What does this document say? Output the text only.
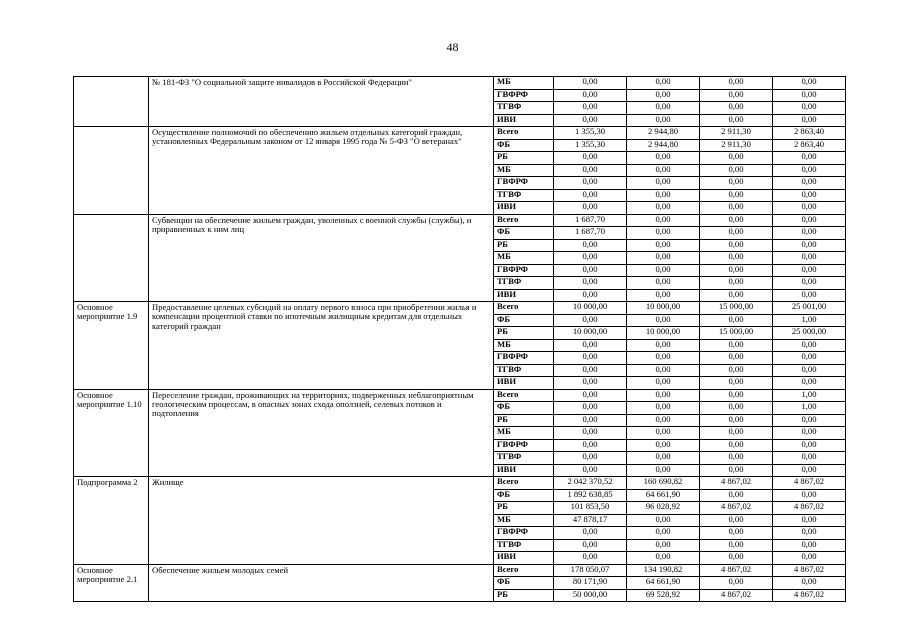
48
	№ 181-ФЗ "О социальной защите инвалидов в Российской Федерации"	МБ	0,00	0,00	0,00	0,00
		ГВФРФ	0,00	0,00	0,00	0,00
		ТГВФ	0,00	0,00	0,00	0,00
		ИВИ	0,00	0,00	0,00	0,00
	Осуществление полномочий по обеспечению жильем отдельных категорий граждан, установленных Федеральным законом от 12 января 1995 года № 5-ФЗ "О ветеранах"	Всего	1 355,30	2 944,80	2 911,30	2 863,40
		ФБ	1 355,30	2 944,80	2 911,30	2 863,40
		РБ	0,00	0,00	0,00	0,00
		МБ	0,00	0,00	0,00	0,00
		ГВФРФ	0,00	0,00	0,00	0,00
		ТГВФ	0,00	0,00	0,00	0,00
		ИВИ	0,00	0,00	0,00	0,00
	Субвенции на обеспечение жильем граждан, уволенных с военной службы (службы), и приравненных к ним лиц	Всего	1 687,70	0,00	0,00	0,00
		ФБ	1 687,70	0,00	0,00	0,00
		РБ	0,00	0,00	0,00	0,00
		МБ	0,00	0,00	0,00	0,00
		ГВФРФ	0,00	0,00	0,00	0,00
		ТГВФ	0,00	0,00	0,00	0,00
		ИВИ	0,00	0,00	0,00	0,00
Основное мероприятие 1.9	Предоставление целевых субсидий на оплату первого взноса при приобретении жилья и компенсации процентной ставки по ипотечным жилищным кредитам для отдельных категорий граждан	Всего	10 000,00	10 000,00	15 000,00	25 001,00
		ФБ	0,00	0,00	0,00	1,00
		РБ	10 000,00	10 000,00	15 000,00	25 000,00
		МБ	0,00	0,00	0,00	0,00
		ГВФРФ	0,00	0,00	0,00	0,00
		ТГВФ	0,00	0,00	0,00	0,00
		ИВИ	0,00	0,00	0,00	0,00
Основное мероприятие 1.10	Переселение граждан, проживающих на территориях, подверженных неблагоприятным геологическим процессам, в опасных зонах схода оползней, селевых потоков и подтопления	Всего	0,00	0,00	0,00	1,00
		ФБ	0,00	0,00	0,00	1,00
		РБ	0,00	0,00	0,00	0,00
		МБ	0,00	0,00	0,00	0,00
		ГВФРФ	0,00	0,00	0,00	0,00
		ТГВФ	0,00	0,00	0,00	0,00
		ИВИ	0,00	0,00	0,00	0,00
Подпрограмма 2	Жилище	Всего	2 042 370,52	160 690,82	4 867,02	4 867,02
		ФБ	1 892 638,85	64 661,90	0,00	0,00
		РБ	101 853,50	96 028,92	4 867,02	4 867,02
		МБ	47 878,17	0,00	0,00	0,00
		ГВФРФ	0,00	0,00	0,00	0,00
		ТГВФ	0,00	0,00	0,00	0,00
		ИВИ	0,00	0,00	0,00	0,00
Основное мероприятие 2.1	Обеспечение жильем молодых семей	Всего	178 050,07	134 190,82	4 867,02	4 867,02
		ФБ	80 171,90	64 661,90	0,00	0,00
		РБ	50 000,00	69 528,92	4 867,02	4 867,02
